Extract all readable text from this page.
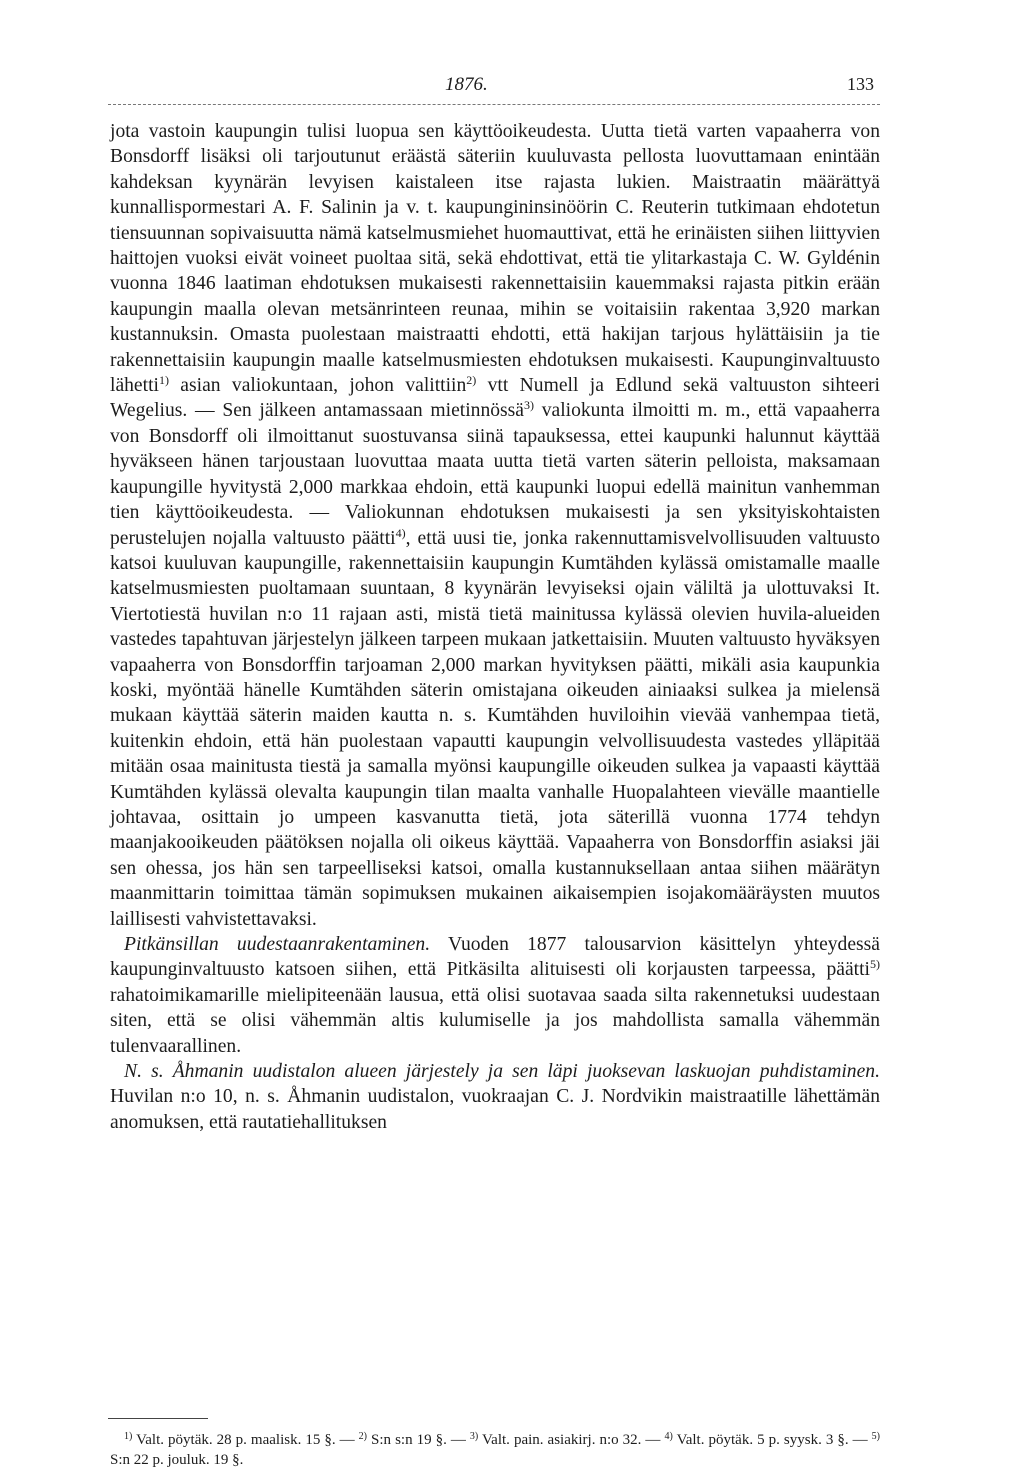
1876.	133

jota vastoin kaupungin tulisi luopua sen käyttöoikeudesta. Uutta tietä varten vapaaherra von Bonsdorff lisäksi oli tarjoutunut eräästä säteriin kuuluvasta pellosta luovuttamaan enintään kahdeksan kyynärän levyisen kaistaleen itse rajasta lukien. Maistraatin määrättyä kunnallispormestari A. F. Salinin ja v. t. kaupungininsinöörin C. Reuterin tutkimaan ehdotetun tiensuunnan sopivaisuutta nämä katselmusmiehet huomauttivat, että he erinäisten siihen liittyvien haittojen vuoksi eivät voineet puoltaa sitä, sekä ehdottivat, että tie ylitarkastaja C. W. Gyldénin vuonna 1846 laatiman ehdotuksen mukaisesti rakennettaisiin kauemmaksi rajasta pitkin erään kaupungin maalla olevan metsänrinteen reunaa, mihin se voitaisiin rakentaa 3,920 markan kustannuksin. Omasta puolestaan maistraatti ehdotti, että hakijan tarjous hylättäisiin ja tie rakennettaisiin kaupungin maalle katselmusmiesten ehdotuksen mukaisesti. Kaupunginvaltuusto lähetti$^{1)}$ asian valiokuntaan, johon valittiin$^{2)}$ vtt Numell ja Edlund sekä valtuuston sihteeri Wegelius. — Sen jälkeen antamassaan mietinnössä$^{3)}$ valiokunta ilmoitti m. m., että vapaaherra von Bonsdorff oli ilmoittanut suostuvansa siinä tapauksessa, ettei kaupunki halunnut käyttää hyväkseen hänen tarjoustaan luovuttaa maata uutta tietä varten säterin pelloista, maksamaan kaupungille hyvitystä 2,000 markkaa ehdoin, että kaupunki luopui edellä mainitun vanhemman tien käyttöoikeudesta. — Valiokunnan ehdotuksen mukaisesti ja sen yksityiskohtaisten perustelujen nojalla valtuusto päätti$^{4)}$, että uusi tie, jonka rakennuttamisvelvollisuuden valtuusto katsoi kuuluvan kaupungille, rakennettaisiin kaupungin Kumtähden kylässä omistamalle maalle katselmusmiesten puoltamaan suuntaan, 8 kyynärän levyiseksi ojain väliltä ja ulottuvaksi It. Viertotiestä huvilan n:o 11 rajaan asti, mistä tietä mainitussa kylässä olevien huvila-alueiden vastedes tapahtuvan järjestelyn jälkeen tarpeen mukaan jatkettaisiin. Muuten valtuusto hyväksyen vapaaherra von Bonsdorffin tarjoaman 2,000 markan hyvityksen päätti, mikäli asia kaupunkia koski, myöntää hänelle Kumtähden säterin omistajana oikeuden ainiaaksi sulkea ja mielensä mukaan käyttää säterin maiden kautta n. s. Kumtähden huviloihin vievää vanhempaa tietä, kuitenkin ehdoin, että hän puolestaan vapautti kaupungin velvollisuudesta vastedes ylläpitää mitään osaa mainitusta tiestä ja samalla myönsi kaupungille oikeuden sulkea ja vapaasti käyttää Kumtähden kylässä olevalta kaupungin tilan maalta vanhalle Huopalahteen vievälle maantielle johtavaa, osittain jo umpeen kasvanutta tietä, jota säterillä vuonna 1774 tehdyn maanjakooikeuden päätöksen nojalla oli oikeus käyttää. Vapaaherra von Bonsdorffin asiaksi jäi sen ohessa, jos hän sen tarpeelliseksi katsoi, omalla kustannuksellaan antaa siihen määrätyn maanmittarin toimittaa tämän sopimuksen mukainen aikaisempien isojakomääräysten muutos laillisesti vahvistettavaksi.

Pitkänsillan uudestaanrakentaminen. Vuoden 1877 talousarvion käsittelyn yhteydessä kaupunginvaltuusto katsoen siihen, että Pitkäsilta alituisesti oli korjausten tarpeessa, päätti$^{5)}$ rahatoimikamarille mielipiteenään lausua, että olisi suotavaa saada silta rakennetuksi uudestaan siten, että se olisi vähemmän altis kulumiselle ja jos mahdollista samalla vähemmän tulenvaarallinen.

N. s. Åhmanin uudistalon alueen järjestely ja sen läpi juoksevan laskuojan puhdistaminen. Huvilan n:o 10, n. s. Åhmanin uudistalon, vuokraajan C. J. Nordvikin maistraatille lähettämän anomuksen, että rautatiehallituksen

$^{1)}$ Valt. pöytäk. 28 p. maalisk. 15 §. — $^{2)}$ S:n s:n 19 §. — $^{3)}$ Valt. pain. asiakirj. n:o 32. — $^{4)}$ Valt. pöytäk. 5 p. syysk. 3 §. — $^{5)}$ S:n 22 p. jouluk. 19 §.
